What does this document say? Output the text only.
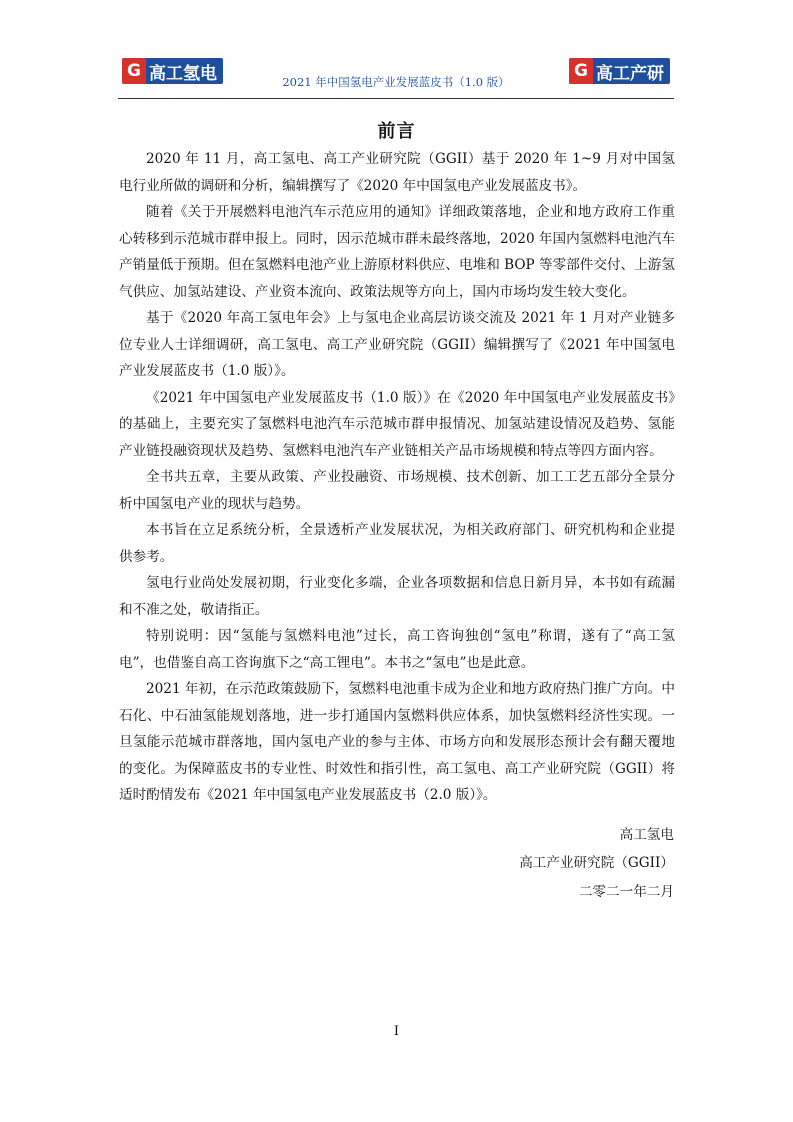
G 高工氢电	2021 年中国氢电产业发展蓝皮书（1.0 版）
G 高工产研
前言

2020 年 11 月，高工氢电、高工产业研究院（GGII）基于 2020 年 1~9 月对中国氢电行业所做的调研和分析，编辑撰写了《2020 年中国氢电产业发展蓝皮书》。

随着《关于开展燃料电池汽车示范应用的通知》详细政策落地，企业和地方政府工作重心转移到示范城市群申报上。同时，因示范城市群未最终落地，2020 年国内氢燃料电池汽车产销量低于预期。但在氢燃料电池产业上游原材料供应、电堆和 BOP 等零部件交付、上游氢气供应、加氢站建设、产业资本流向、政策法规等方向上，国内市场均发生较大变化。

基于《2020 年高工氢电年会》上与氢电企业高层访谈交流及 2021 年 1 月对产业链多位专业人士详细调研，高工氢电、高工产业研究院（GGII）编辑撰写了《2021 年中国氢电产业发展蓝皮书（1.0 版）》。

《2021 年中国氢电产业发展蓝皮书（1.0 版）》在《2020 年中国氢电产业发展蓝皮书》的基础上，主要充实了氢燃料电池汽车示范城市群申报情况、加氢站建设情况及趋势、氢能产业链投融资现状及趋势、氢燃料电池汽车产业链相关产品市场规模和特点等四方面内容。

全书共五章，主要从政策、产业投融资、市场规模、技术创新、加工工艺五部分全景分析中国氢电产业的现状与趋势。

本书旨在立足系统分析，全景透析产业发展状况，为相关政府部门、研究机构和企业提供参考。

氢电行业尚处发展初期，行业变化多端，企业各项数据和信息日新月异，本书如有疏漏和不准之处，敬请指正。

特别说明：因“氢能与氢燃料电池”过长，高工咨询独创“氢电”称谓，遂有了“高工氢电”，也借鉴自高工咨询旗下之“高工锂电”。本书之“氢电”也是此意。

2021 年初，在示范政策鼓励下，氢燃料电池重卡成为企业和地方政府热门推广方向。中石化、中石油氢能规划落地，进一步打通国内氢燃料供应体系，加快氢燃料经济性实现。一旦氢能示范城市群落地，国内氢电产业的参与主体、市场方向和发展形态预计会有翻天覆地的变化。为保障蓝皮书的专业性、时效性和指引性，高工氢电、高工产业研究院（GGII）将适时酌情发布《2021 年中国氢电产业发展蓝皮书（2.0 版）》。

高工氢电
高工产业研究院（GGII）
二零二一年二月
I
